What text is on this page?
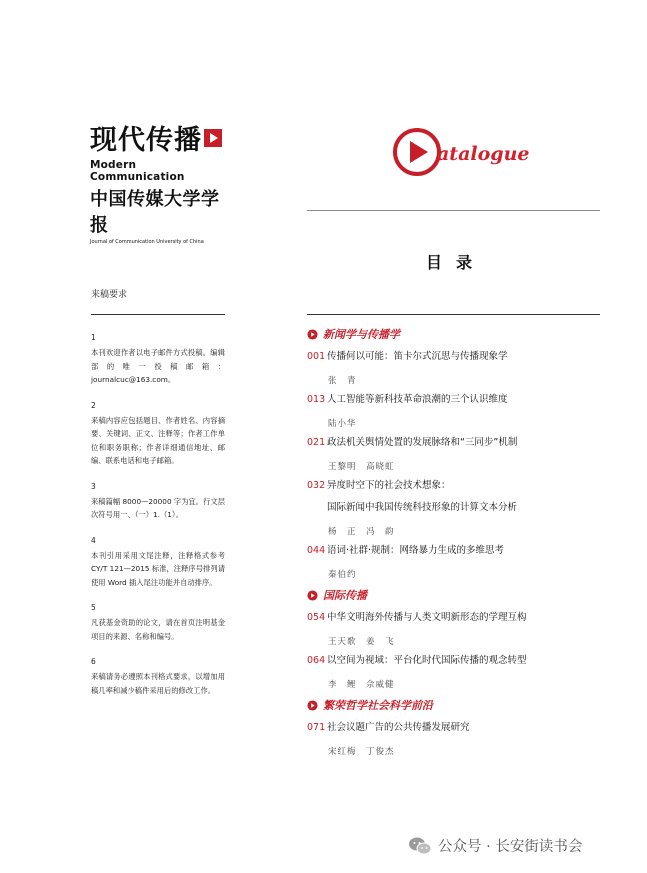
现代传播
Modern Communication
中国传媒大学学报
Journal of Communication University of China
来稿要求
1
本刊欢迎作者以电子邮件方式投稿。编辑部的唯一投稿邮箱：journalcuc@163.com。
2
来稿内容应包括题目、作者姓名、内容摘要、关键词、正文、注释等；作者工作单位和职务职称；作者详细通信地址、邮编、联系电话和电子邮箱。
3
来稿篇幅 8000—20000 字为宜。行文层次符号用一、（一）1.（1）。
4
本刊引用采用文尾注释，注释格式参考 CY/T 121—2015 标准，注释序号排列请使用 Word 插入尾注功能并自动排序。
5
凡获基金资助的论文，请在首页注明基金项目的来源、名称和编号。
6
来稿请务必遵照本刊格式要求，以增加用稿几率和减少稿件采用后的修改工作。
atalogue
目录
新闻学与传播学
001 传播何以可能：笛卡尔式沉思与传播现象学
张　青
013 人工智能等新科技革命浪潮的三个认识维度
陆小华
021 政法机关舆情处置的发展脉络和“三同步”机制
王黎明　高晓虹
032 异度时空下的社会技术想象：
国际新闻中我国传统科技形象的计算文本分析
杨　正　冯　韵
044 语词·社群·规制：网络暴力生成的多维思考
秦伯约
国际传播
054 中华文明海外传播与人类文明新形态的学理互构
王天歌　姜　飞
064 以空间为视域：平台化时代国际传播的观念转型
李　鲤　佘威健
繁荣哲学社会科学前沿
071 社会议题广告的公共传播发展研究
宋红梅　丁俊杰
公众号 · 长安街读书会
